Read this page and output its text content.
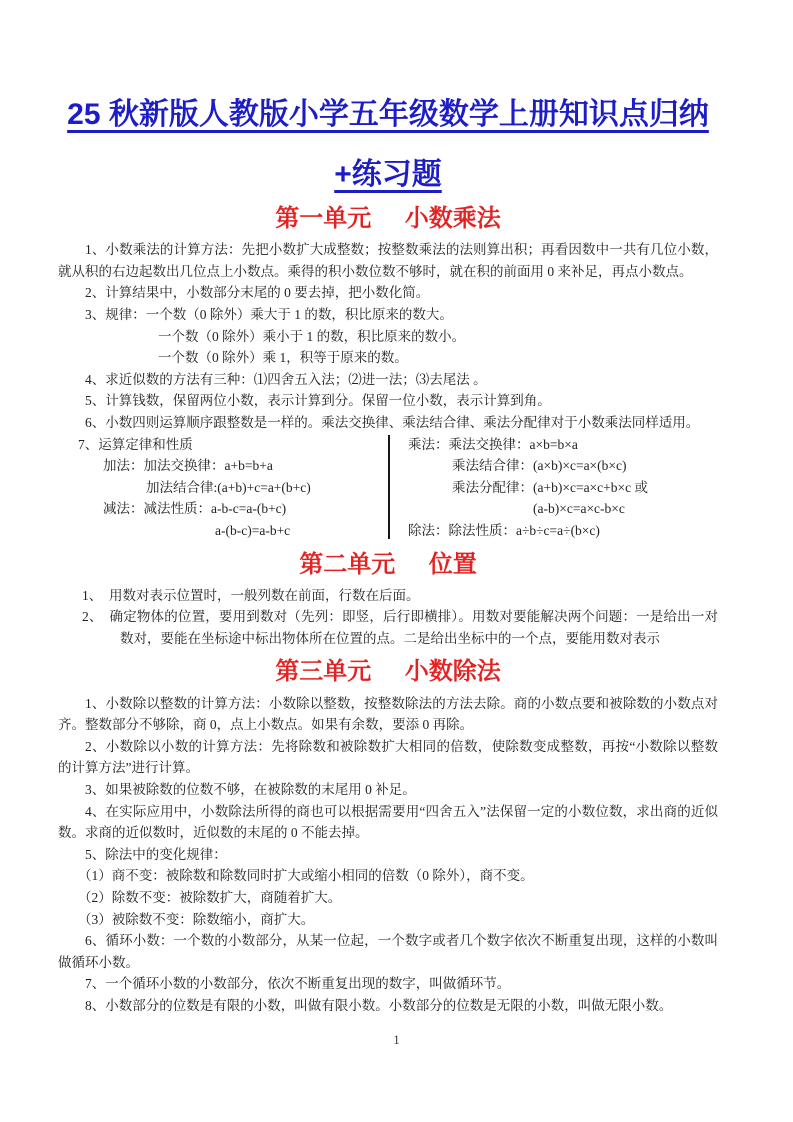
25 秋新版人教版小学五年级数学上册知识点归纳
+练习题
第一单元 小数乘法

1、小数乘法的计算方法：先把小数扩大成整数；按整数乘法的法则算出积；再看因数中一共有几位小数，就从积的右边起数出几位点上小数点。乘得的积小数位数不够时，就在积的前面用 0 来补足，再点小数点。

2、计算结果中，小数部分末尾的 0 要去掉，把小数化简。

3、规律：一个数（0 除外）乘大于 1 的数，积比原来的数大。

一个数（0 除外）乘小于 1 的数，积比原来的数小。

一个数（0 除外）乘 1，积等于原来的数。

4、求近似数的方法有三种：⑴四舍五入法；⑵进一法；⑶去尾法 。

5、计算钱数，保留两位小数，表示计算到分。保留一位小数，表示计算到角。

6、小数四则运算顺序跟整数是一样的。乘法交换律、乘法结合律、乘法分配律对于小数乘法同样适用。

7、运算定律和性质
加法：加法交换律：a+b=b+a
加法结合律:(a+b)+c=a+(b+c)
减法：减法性质：a-b-c=a-(b+c)
a-(b-c)=a-b+c
乘法：乘法交换律：a×b=b×a
乘法结合律：(a×b)×c=a×(b×c)
乘法分配律：(a+b)×c=a×c+b×c 或
(a-b)×c=a×c-b×c
除法：除法性质：a÷b÷c=a÷(b×c)
第二单元 位置

1、　用数对表示位置时，一般列数在前面，行数在后面。

2、　确定物体的位置，要用到数对（先列：即竖，后行即横排）。用数对要能解决两个问题：一是给出一对数对，要能在坐标途中标出物体所在位置的点。二是给出坐标中的一个点，要能用数对表示

第三单元 小数除法

1、小数除以整数的计算方法：小数除以整数，按整数除法的方法去除。商的小数点要和被除数的小数点对齐。整数部分不够除，商 0，点上小数点。如果有余数，要添 0 再除。

2、小数除以小数的计算方法：先将除数和被除数扩大相同的倍数，使除数变成整数，再按“小数除以整数的计算方法”进行计算。

3、如果被除数的位数不够，在被除数的末尾用 0 补足。

4、在实际应用中，小数除法所得的商也可以根据需要用“四舍五入”法保留一定的小数位数，求出商的近似数。求商的近似数时，近似数的末尾的 0 不能去掉。

5、除法中的变化规律：

（1）商不变：被除数和除数同时扩大或缩小相同的倍数（0 除外），商不变。

（2）除数不变：被除数扩大，商随着扩大。

（3）被除数不变：除数缩小，商扩大。

6、循环小数：一个数的小数部分，从某一位起，一个数字或者几个数字依次不断重复出现，这样的小数叫做循环小数。

7、一个循环小数的小数部分，依次不断重复出现的数字，叫做循环节。

8、小数部分的位数是有限的小数，叫做有限小数。小数部分的位数是无限的小数，叫做无限小数。

1
